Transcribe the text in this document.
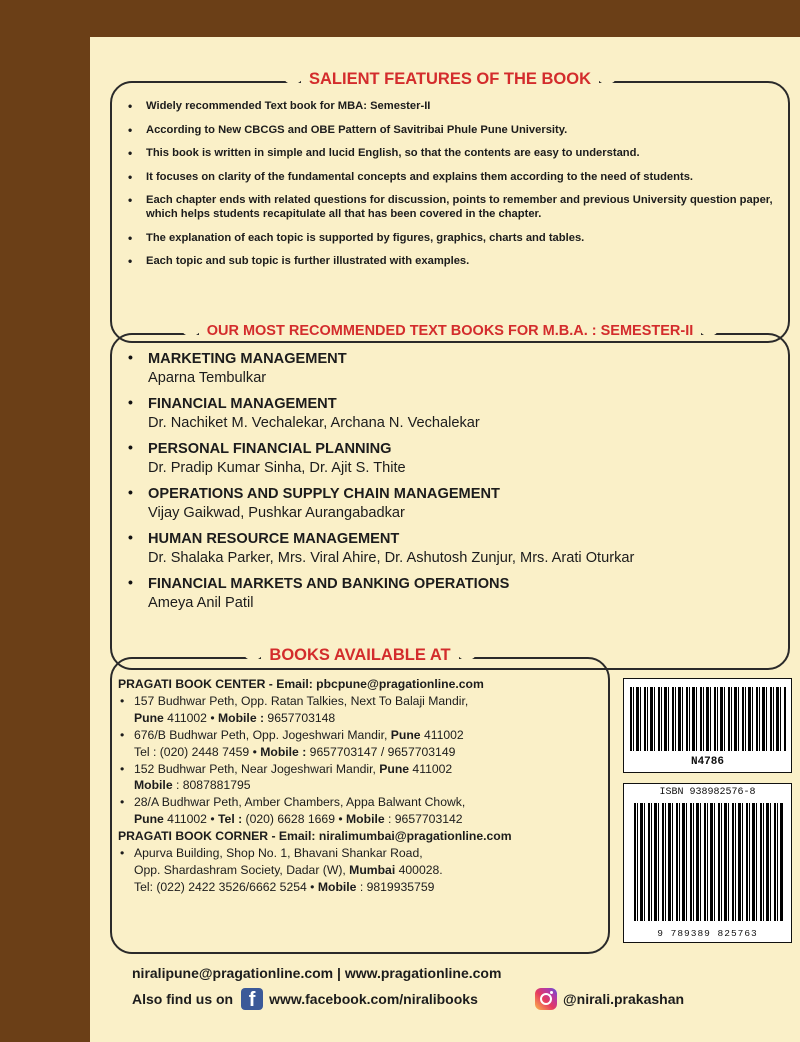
SALIENT FEATURES OF THE BOOK
• Widely recommended Text book for MBA: Semester-II
• According to New CBCGS and OBE Pattern of Savitribai Phule Pune University.
• This book is written in simple and lucid English, so that the contents are easy to understand.
• It focuses on clarity of the fundamental concepts and explains them according to the need of students.
• Each chapter ends with related questions for discussion, points to remember and previous University question paper, which helps students recapitulate all that has been covered in the chapter.
• The explanation of each topic is supported by figures, graphics, charts and tables.
• Each topic and sub topic is further illustrated with examples.
OUR MOST RECOMMENDED TEXT BOOKS FOR M.B.A. : SEMESTER-II
• MARKETING MANAGEMENT
Aparna Tembulkar
• FINANCIAL MANAGEMENT
Dr. Nachiket M. Vechalekar, Archana N. Vechalekar
• PERSONAL FINANCIAL PLANNING
Dr. Pradip Kumar Sinha, Dr. Ajit S. Thite
• OPERATIONS AND SUPPLY CHAIN MANAGEMENT
Vijay Gaikwad, Pushkar Aurangabadkar
• HUMAN RESOURCE MANAGEMENT
Dr. Shalaka Parker, Mrs. Viral Ahire, Dr. Ashutosh Zunjur, Mrs. Arati Oturkar
• FINANCIAL MARKETS AND BANKING OPERATIONS
Ameya Anil Patil
BOOKS AVAILABLE AT
PRAGATI BOOK CENTER - Email: pbcpune@pragationline.com
• 157 Budhwar Peth, Opp. Ratan Talkies, Next To Balaji Mandir,
Pune 411002 • Mobile : 9657703148
• 676/B Budhwar Peth, Opp. Jogeshwari Mandir, Pune 411002
Tel : (020) 2448 7459 • Mobile : 9657703147 / 9657703149
• 152 Budhwar Peth, Near Jogeshwari Mandir, Pune 411002
Mobile : 8087881795
• 28/A Budhwar Peth, Amber Chambers, Appa Balwant Chowk,
Pune 411002 • Tel : (020) 6628 1669 • Mobile : 9657703142
PRAGATI BOOK CORNER - Email: niralimumbai@pragationline.com
• Apurva Building, Shop No. 1, Bhavani Shankar Road,
Opp. Shardashram Society, Dadar (W), Mumbai 400028.
Tel: (022) 2422 3526/6662 5254 • Mobile : 9819935759
N4786
ISBN 938982576-8
9 789389 825763
niralipune@pragationline.com | www.pragationline.com
Also find us on f www.facebook.com/niralibooks	@nirali.prakashan
